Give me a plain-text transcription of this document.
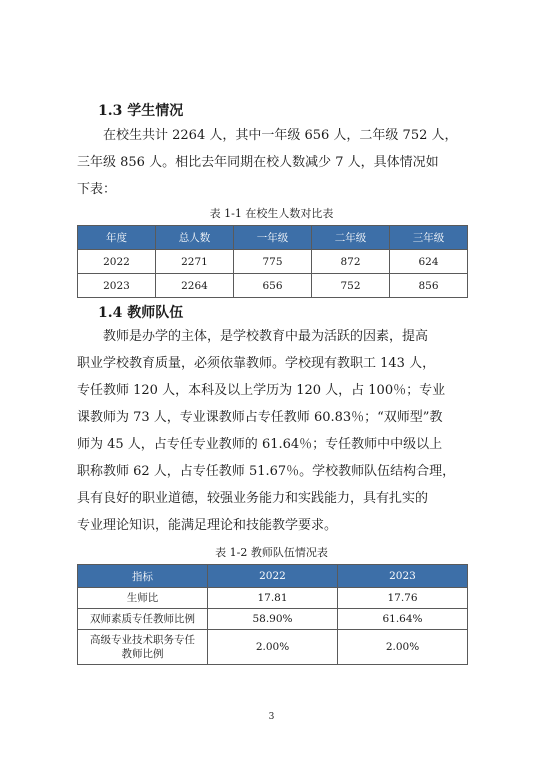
1.3 学生情况

在校生共计 2264 人，其中一年级 656 人，二年级 752 人，
三年级 856 人。相比去年同期在校人数减少 7 人，具体情况如
下表：

表 1-1 在校生人数对比表
年度	总人数	一年级	二年级	三年级
2022	2271	775	872	624
2023	2264	656	752	856
1.4 教师队伍

教师是办学的主体，是学校教育中最为活跃的因素，提高
职业学校教育质量，必须依靠教师。学校现有教职工 143 人，
专任教师 120 人，本科及以上学历为 120 人，占 100％；专业
课教师为 73 人，专业课教师占专任教师 60.83％；“双师型”教
师为 45 人，占专任专业教师的 61.64％；专任教师中中级以上
职称教师 62 人，占专任教师 51.67％。学校教师队伍结构合理，
具有良好的职业道德，较强业务能力和实践能力，具有扎实的
专业理论知识，能满足理论和技能教学要求。

表 1-2 教师队伍情况表
指标	2022	2023
生师比	17.81	17.76
双师素质专任教师比例	58.90%	61.64%
高级专业技术职务专任
教师比例	2.00%	2.00%
3
